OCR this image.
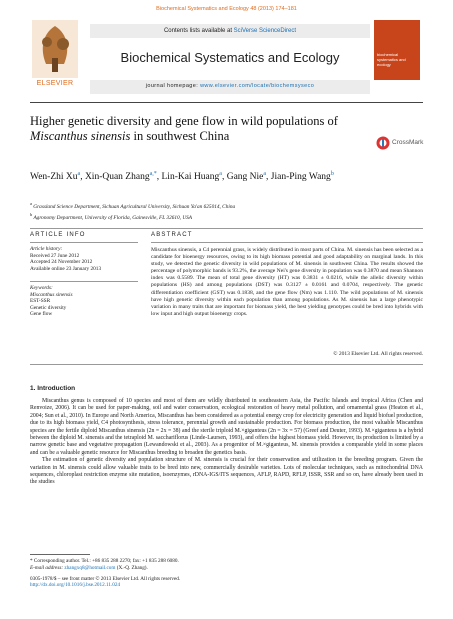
Biochemical Systematics and Ecology 48 (2013) 174–181
ELSEVIER
Contents lists available at SciVerse ScienceDirect
Biochemical Systematics and Ecology
journal homepage: www.elsevier.com/locate/biochemsyseco
biochemical systematics and ecology
Higher genetic diversity and gene flow in wild populations of Miscanthus sinensis in southwest China	CrossMark
Wen-Zhi Xu$^a$, Xin-Quan Zhang$^{a,*}$, Lin-Kai Huang$^a$, Gang Nie$^a$, Jian-Ping Wang$^b$
$^a$ Grassland Science Department, Sichuan Agricultural University, Sichuan Ya'an 625014, China
$^b$ Agronomy Department, University of Florida, Gainesville, FL 32610, USA
ARTICLE INFO	ABSTRACT
Article history:
Received 27 June 2012
Accepted 24 November 2012
Available online 23 January 2013
Keywords:
Miscanthus sinensis
EST-SSR
Genetic diversity
Gene flow
Miscanthus sinensis, a C4 perennial grass, is widely distributed in most parts of China. M. sinensis has been selected as a candidate for bioenergy resources, owing to its high biomass potential and good adaptability on marginal lands. In this study, we detected the genetic diversity in wild populations of M. sinensis in southwest China. The results showed the percentage of polymorphic bands is 93.2%, the average Nei's gene diversity in population was 0.3870 and mean Shannon index was 0.5589. The mean of total gene diversity (HT) was 0.3831 ± 0.0216, while the allelic diversity within populations (HS) and among populations (DST) was 0.3127 ± 0.0161 and 0.0704, respectively. The genetic differentiation coefficient (GST) was 0.1838, and the gene flow (Nm) was 1.110. The wild populations of M. sinensis have high genetic diversity within each population than among populations. As M. sinensis has a large phenotypic variation in many traits that are important for biomass yield, the best yielding genotypes could be bred into hybrids with low input and high output bioenergy crops.
© 2013 Elsevier Ltd. All rights reserved.
1. Introduction

Miscanthus genus is composed of 10 species and most of them are wildly distributed in southeastern Asia, the Pacific Islands and tropical Africa (Chen and Renvoize, 2006). It can be used for paper-making, soil and water conservation, ecological restoration of heavy metal pollution, and ornamental grass (Heaton et al., 2004; Sun et al., 2010). In Europe and North America, Miscanthus has been considered as a potential energy crop for electricity generation and liquid biofuel production, due to its high biomass yield, C4 photosynthesis, stress tolerance, perennial growth and sustainable production. For biomass production, the most valuable Miscanthus species are the fertile diploid Miscanthus sinensis (2n = 2x = 38) and the sterile triploid M.×giganteus (2n = 3x = 57) (Greef and Deuter, 1993). M.×giganteus is a hybrid between the diploid M. sinensis and the tetraploid M. sacchariflorus (Linde-Laursen, 1993), and offers the highest biomass yield. However, its production is limited by a narrow genetic base and vegetative propagation (Lewandowski et al., 2003). As a progenitor of M.×giganteus, M. sinensis provides a comparable yield in some places and can be a valuable genetic resource for Miscanthus breeding to broaden the genetics basis.

The estimation of genetic diversity and population structure of M. sinensis is crucial for their conservation and utilization in the breeding program. Given the variation in M. sinensis could allow valuable traits to be bred into new, commercially desirable varieties. Lots of molecular techniques, such as mitochondrial DNA sequences, chloroplast restriction enzyme site mutation, isoenzymes, rDNA-IGS/ITS sequences, AFLP, RAPD, RFLP, ISSR, SSR and so on, have already been used in the studies

* Corresponding author. Tel.: +86 835 288 2270; fax: +1 835 288 6080.
E-mail address: zhangxq8@hotmail.com (X.-Q. Zhang).
0305-1978/$ – see front matter © 2013 Elsevier Ltd. All rights reserved.
http://dx.doi.org/10.1016/j.bse.2012.11.024
